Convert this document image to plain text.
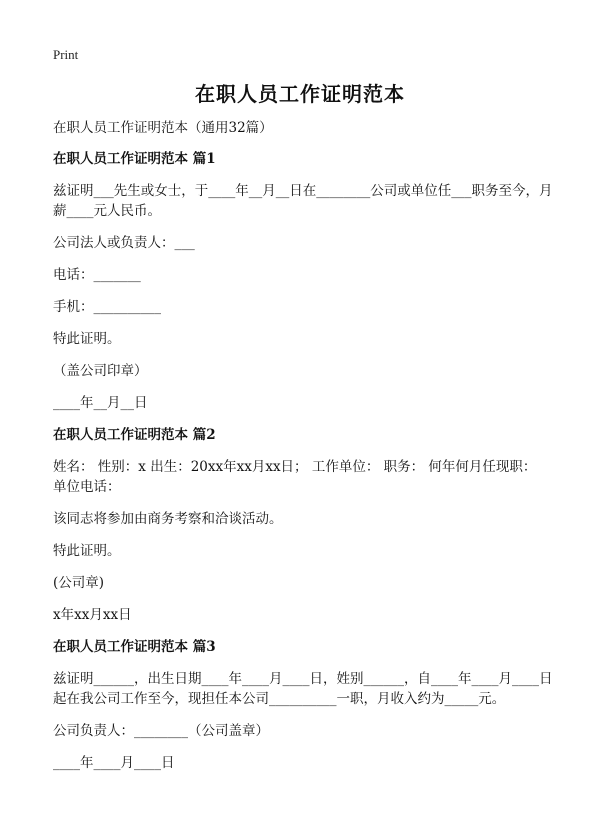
Print
在职人员工作证明范本

在职人员工作证明范本（通用32篇）

在职人员工作证明范本 篇1

兹证明___先生或女士，于____年__月__日在________公司或单位任___职务至今，月薪____元人民币。

公司法人或负责人：___

电话：_______

手机：__________

特此证明。

（盖公司印章）

____年__月__日

在职人员工作证明范本 篇2

姓名： 性别：x 出生：20xx年xx月xx日； 工作单位： 职务： 何年何月任现职： 单位电话：

该同志将参加由商务考察和洽谈活动。

特此证明。

(公司章)

x年xx月xx日

在职人员工作证明范本 篇3

兹证明______，出生日期____年____月____日，姓别______，自____年____月____日起在我公司工作至今，现担任本公司__________一职，月收入约为_____元。

公司负责人：________（公司盖章）

____年____月____日
